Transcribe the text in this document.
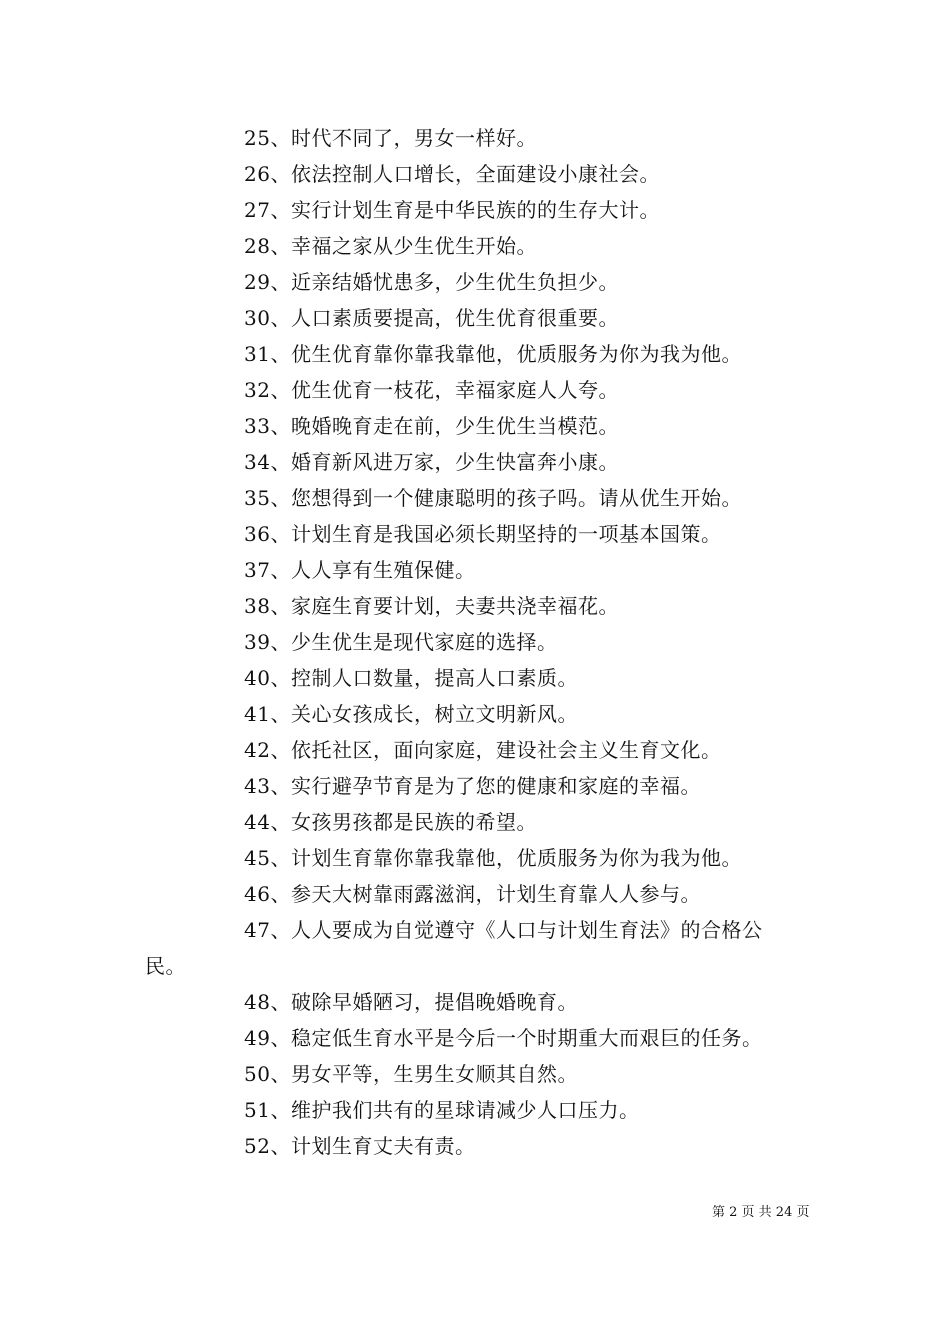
25、时代不同了，男女一样好。
26、依法控制人口增长，全面建设小康社会。
27、实行计划生育是中华民族的的生存大计。
28、幸福之家从少生优生开始。
29、近亲结婚忧患多，少生优生负担少。
30、人口素质要提高，优生优育很重要。
31、优生优育靠你靠我靠他，优质服务为你为我为他。
32、优生优育一枝花，幸福家庭人人夸。
33、晚婚晚育走在前，少生优生当模范。
34、婚育新风进万家，少生快富奔小康。
35、您想得到一个健康聪明的孩子吗。请从优生开始。
36、计划生育是我国必须长期坚持的一项基本国策。
37、人人享有生殖保健。
38、家庭生育要计划，夫妻共浇幸福花。
39、少生优生是现代家庭的选择。
40、控制人口数量，提高人口素质。
41、关心女孩成长，树立文明新风。
42、依托社区，面向家庭，建设社会主义生育文化。
43、实行避孕节育是为了您的健康和家庭的幸福。
44、女孩男孩都是民族的希望。
45、计划生育靠你靠我靠他，优质服务为你为我为他。
46、参天大树靠雨露滋润，计划生育靠人人参与。
47、人人要成为自觉遵守《人口与计划生育法》的合格公
民。
48、破除早婚陋习，提倡晚婚晚育。
49、稳定低生育水平是今后一个时期重大而艰巨的任务。
50、男女平等，生男生女顺其自然。
51、维护我们共有的星球请减少人口压力。
52、计划生育丈夫有责。
第 2 页 共 24 页
